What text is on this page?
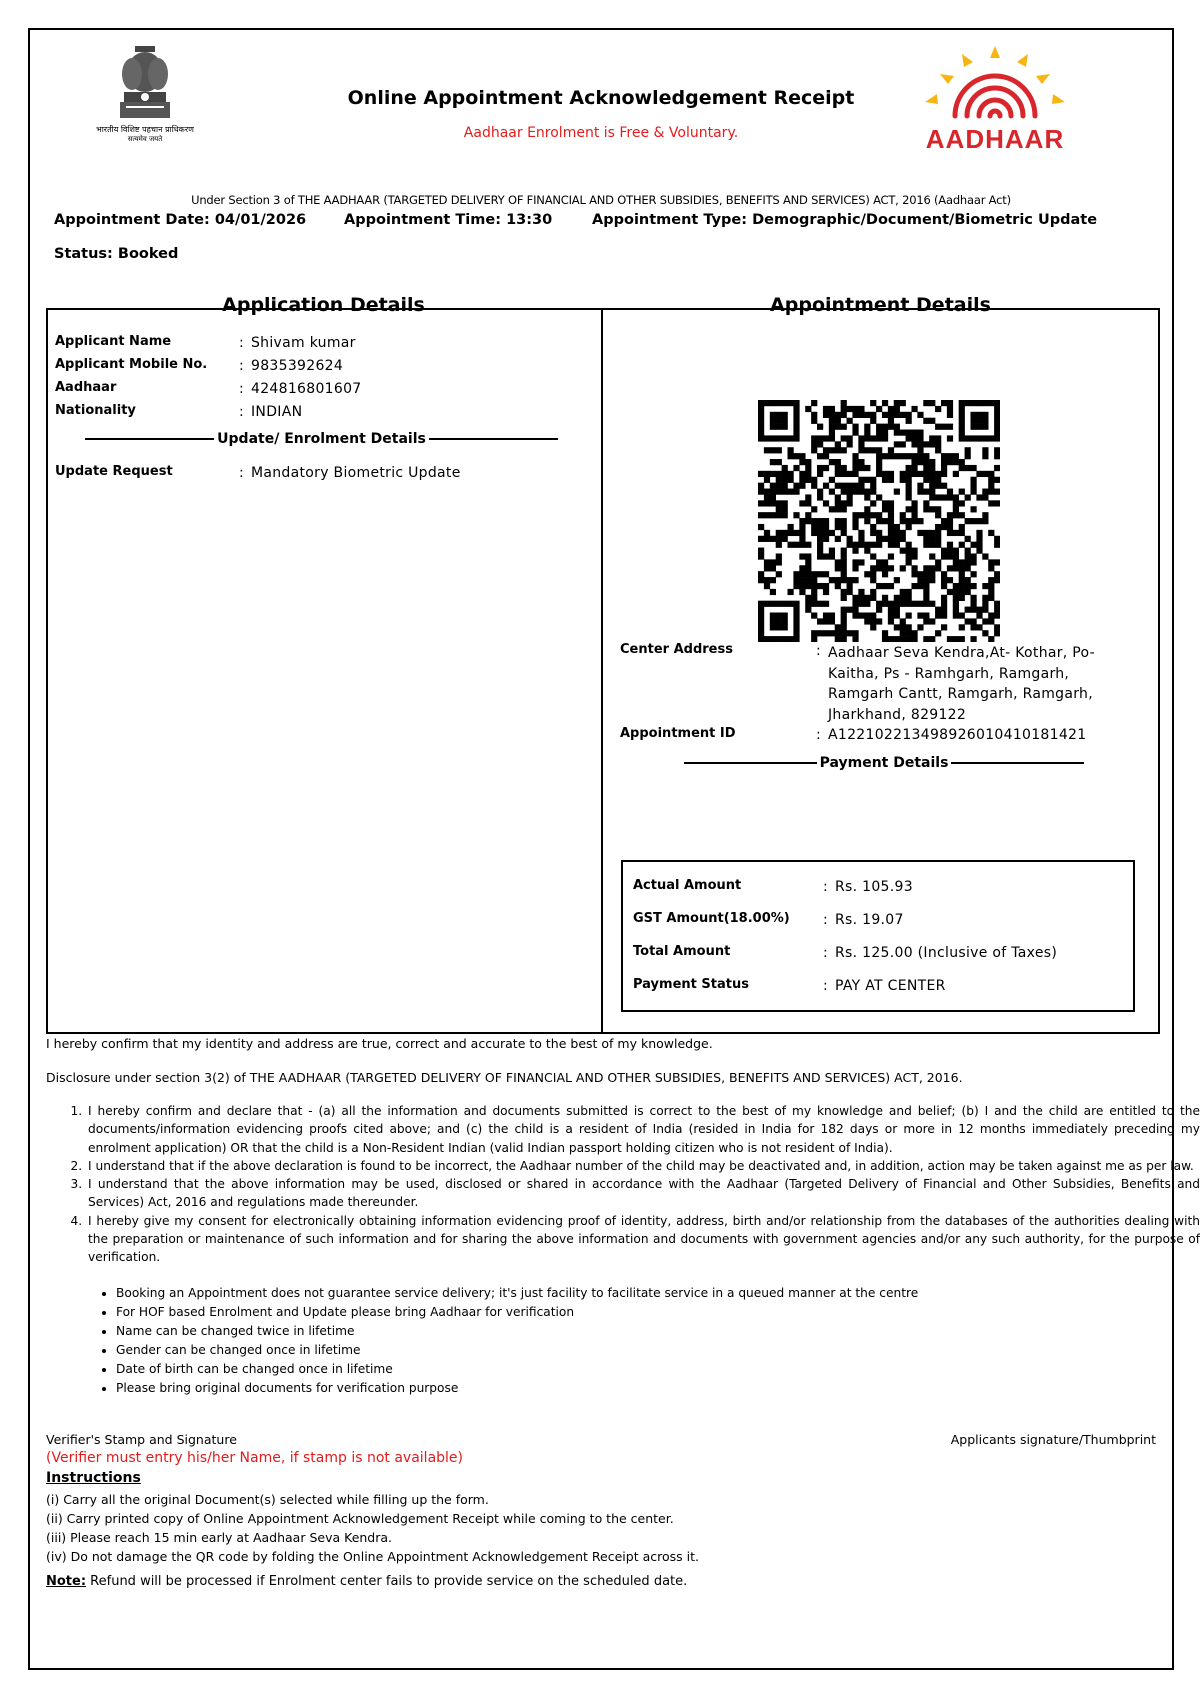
भारतीय विशिष्ट पहचान प्राधिकरण
सत्यमेव जयते
Online Appointment Acknowledgement Receipt
Aadhaar Enrolment is Free & Voluntary.	AADHAAR
Under Section 3 of THE AADHAAR (TARGETED DELIVERY OF FINANCIAL AND OTHER SUBSIDIES, BENEFITS AND SERVICES) ACT, 2016 (Aadhaar Act)
Appointment Date: 04/01/2026	Appointment Time: 13:30	Appointment Type: Demographic/Document/Biometric Update
Status: Booked
Application Details
Applicant Name	: Shivam kumar
Applicant Mobile No. : 9835392624
Aadhaar	: 424816801607
Nationality	: INDIAN
Update/ Enrolment Details
Update Request	: Mandatory Biometric Update
Appointment Details
Center Address	: Aadhaar Seva Kendra,At- Kothar, Po-
Kaitha, Ps - Ramhgarh, Ramgarh,
Ramgarh Cantt, Ramgarh, Ramgarh,
Jharkhand, 829122
Appointment ID	: A12210221349892601041018142​1
Payment Details
Actual Amount	: Rs. 105.93
GST Amount(18.00%) : Rs. 19.07
Total Amount	: Rs. 125.00 (Inclusive of Taxes)
Payment Status	: PAY AT CENTER
I hereby confirm that my identity and address are true, correct and accurate to the best of my knowledge.
Disclosure under section 3(2) of THE AADHAAR (TARGETED DELIVERY OF FINANCIAL AND OTHER SUBSIDIES, BENEFITS AND SERVICES) ACT, 2016.
1. I hereby confirm and declare that - (a) all the information and documents submitted is correct to the best of my knowledge and belief; (b) I and the child are entitled to the documents/information evidencing proofs cited above; and (c) the child is a resident of India (resided in India for 182 days or more in 12 months immediately preceding my enrolment application) OR that the child is a Non-Resident Indian (valid Indian passport holding citizen who is not resident of India).
2. I understand that if the above declaration is found to be incorrect, the Aadhaar number of the child may be deactivated and, in addition, action may be taken against me as per law.
3. I understand that the above information may be used, disclosed or shared in accordance with the Aadhaar (Targeted Delivery of Financial and Other Subsidies, Benefits and Services) Act, 2016 and regulations made thereunder.
4. I hereby give my consent for electronically obtaining information evidencing proof of identity, address, birth and/or relationship from the databases of the authorities dealing with the preparation or maintenance of such information and for sharing the above information and documents with government agencies and/or any such authority, for the purpose of verification.
• Booking an Appointment does not guarantee service delivery; it's just facility to facilitate service in a queued manner at the centre
• For HOF based Enrolment and Update please bring Aadhaar for verification
• Name can be changed twice in lifetime
• Gender can be changed once in lifetime
• Date of birth can be changed once in lifetime
• Please bring original documents for verification purpose
Verifier's Stamp and Signature	Applicants signature/Thumbprint
(Verifier must entry his/her Name, if stamp is not available)
Instructions
(i) Carry all the original Document(s) selected while filling up the form.
(ii) Carry printed copy of Online Appointment Acknowledgement Receipt while coming to the center.
(iii) Please reach 15 min early at Aadhaar Seva Kendra.
(iv) Do not damage the QR code by folding the Online Appointment Acknowledgement Receipt across it.
Note: Refund will be processed if Enrolment center fails to provide service on the scheduled date.
